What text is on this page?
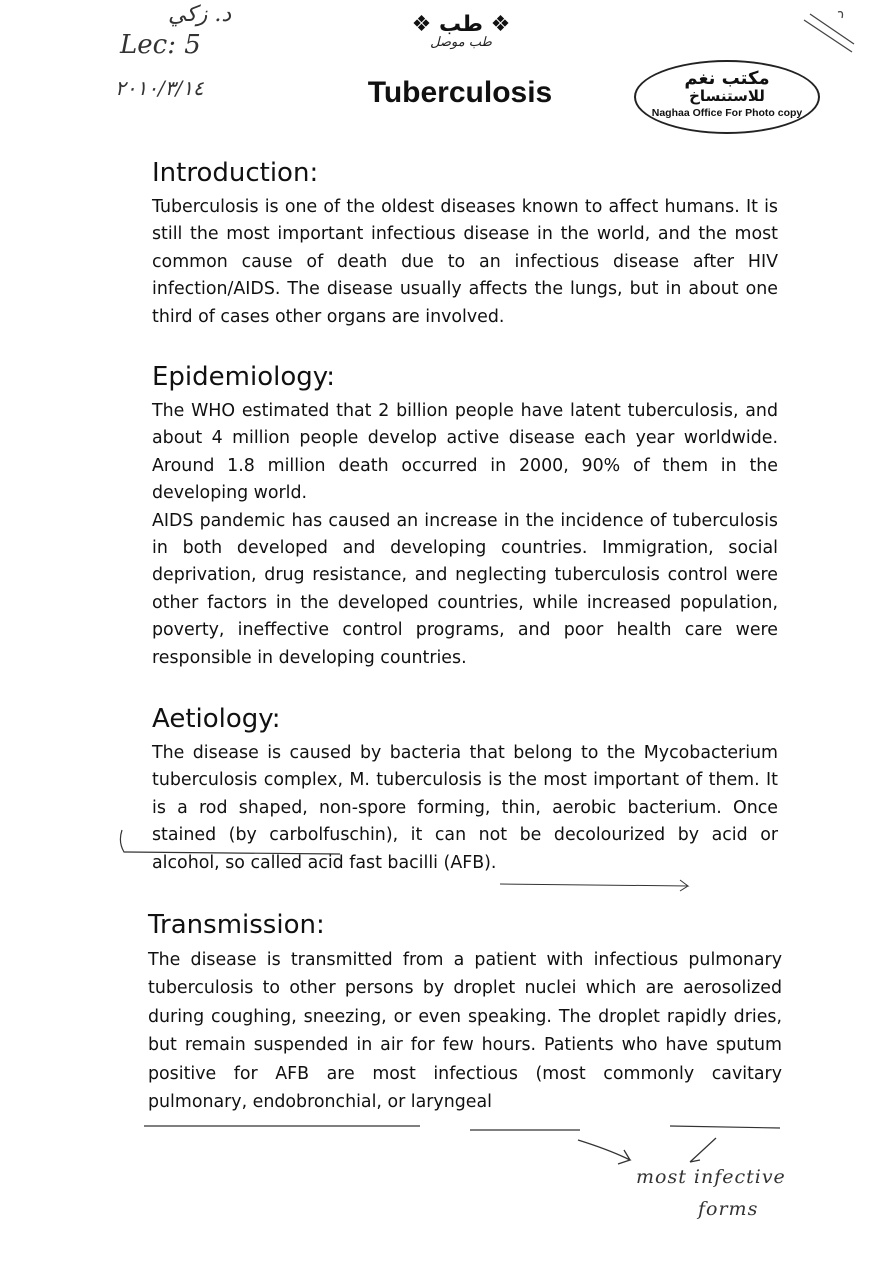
د. زكي
Lec: 5
٢٠١٠/٣/١٤
❖ طب ❖
طب موصل
Tuberculosis	مكتب نغم
للاستنساخ
Naghaa Office For Photo copy
Introduction:

Tuberculosis is one of the oldest diseases known to affect humans. It is still the most important infectious disease in the world, and the most common cause of death due to an infectious disease after HIV infection/AIDS. The disease usually affects the lungs, but in about one third of cases other organs are involved.

Epidemiology:

The WHO estimated that 2 billion people have latent tuberculosis, and about 4 million people develop active disease each year worldwide. Around 1.8 million death occurred in 2000, 90% of them in the developing world.

AIDS pandemic has caused an increase in the incidence of tuberculosis in both developed and developing countries. Immigration, social deprivation, drug resistance, and neglecting tuberculosis control were other factors in the developed countries, while increased population, poverty, ineffective control programs, and poor health care were responsible in developing countries.

Aetiology:

The disease is caused by bacteria that belong to the Mycobacterium tuberculosis complex, M. tuberculosis is the most important of them. It is a rod shaped, non-spore forming, thin, aerobic bacterium. Once stained (by carbolfuschin), it can not be decolourized by acid or alcohol, so called acid fast bacilli (AFB).

Transmission:

The disease is transmitted from a patient with infectious pulmonary tuberculosis to other persons by droplet nuclei which are aerosolized during coughing, sneezing, or even speaking. The droplet rapidly dries, but remain suspended in air for few hours. Patients who have sputum positive for AFB are most infectious (most commonly cavitary pulmonary, endobronchial, or laryngeal

most infective
forms
